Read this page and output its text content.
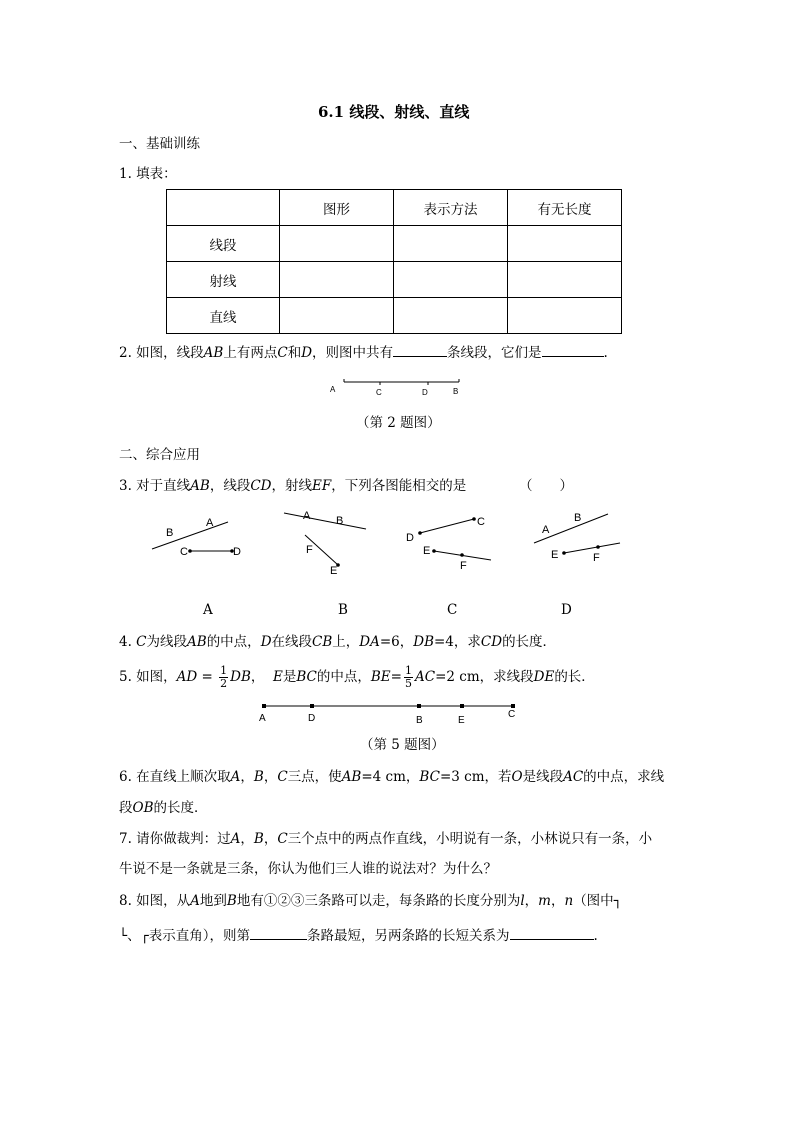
6.1 线段、射线、直线
一、基础训练
1. 填表：
	图形	表示方法	有无长度
线段			
射线			
直线			
2. 如图，线段AB上有两点C和D，则图中共有	条线段，它们是	.
A	C	D	B
（第 2 题图）
二、综合应用
3. 对于直线AB，线段CD，射线EF，下列各图能相交的是	（　　）
B
A
C	D
A B
F
E
D
C
E
F
A
B
E	F
A	B	C	D
4. C为线段AB的中点，D在线段CB上，DA=6，DB=4，求CD的长度．
5. 如图，AD = $\frac{1}{2}$ DB， E是BC的中点，$BE= \frac{1}{5} AC=2$ cm，求线段DE的长．
A	D	B	E
C
（第 5 题图）
6. 在直线上顺次取A，B，C三点，使AB=4 cm，BC=3 cm，若O是线段AC的中点，求线
段OB的长度．
7. 请你做裁判：过A，B，C三个点中的两点作直线，小明说有一条，小林说只有一条，小
牛说不是一条就是三条，你认为他们三人谁的说法对？为什么？
8. 如图，从A地到B地有①②③三条路可以走，每条路的长度分别为l，m，n（图中┐
└、┌表示直角），则第	条路最短，另两条路的长短关系为	.
